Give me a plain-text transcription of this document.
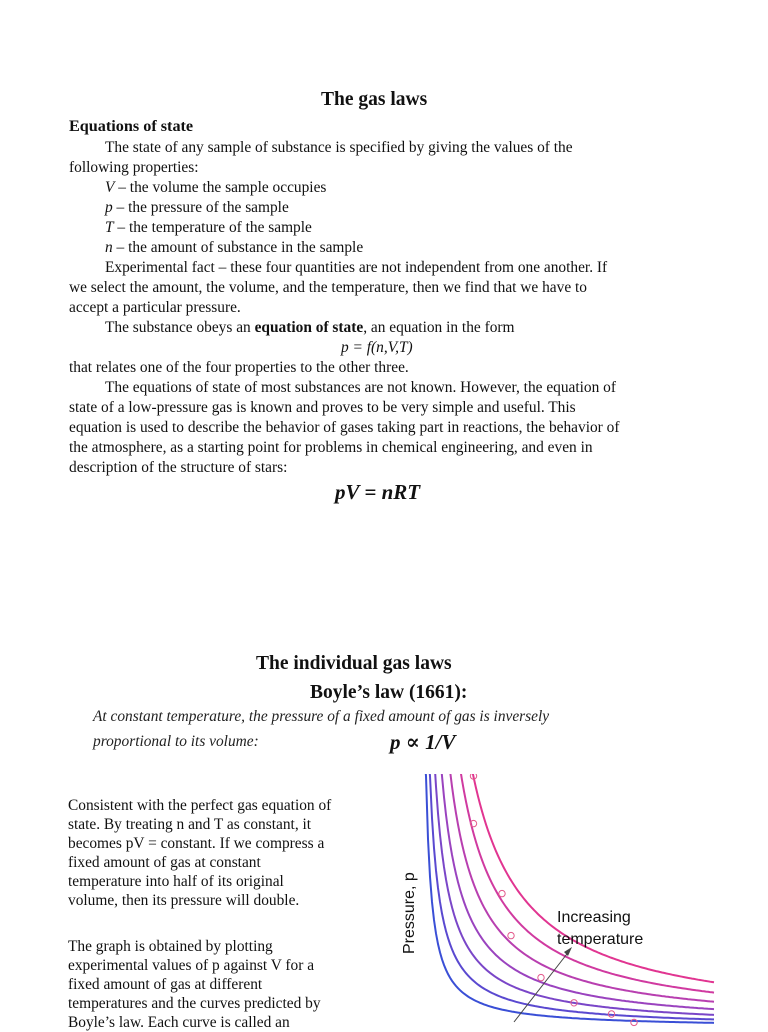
The gas laws
Equations of state
The state of any sample of substance is specified by giving the values of the
following properties:
V – the volume the sample occupies
p – the pressure of the sample
T – the temperature of the sample
n – the amount of substance in the sample
Experimental fact – these four quantities are not independent from one another. If
we select the amount, the volume, and the temperature, then we find that we have to
accept a particular pressure.
The substance obeys an equation of state, an equation in the form
p = f(n,V,T)
that relates one of the four properties to the other three.
The equations of state of most substances are not known. However, the equation of
state of a low-pressure gas is known and proves to be very simple and useful. This
equation is used to describe the behavior of gases taking part in reactions, the behavior of
the atmosphere, as a starting point for problems in chemical engineering, and even in
description of the structure of stars:
pV = nRT
The individual gas laws
Boyle’s law (1661):
At constant temperature, the pressure of a fixed amount of gas is inversely
proportional to its volume:	p ∝ 1/V
Consistent with the perfect gas equation of
state. By treating n and T as constant, it
becomes pV = constant. If we compress a
fixed amount of gas at constant
temperature into half of its original
volume, then its pressure will double.
The graph is obtained by plotting
experimental values of p against V for a
fixed amount of gas at different
temperatures and the curves predicted by
Boyle’s law. Each curve is called an
Pressure, p	Increasing
temperature
